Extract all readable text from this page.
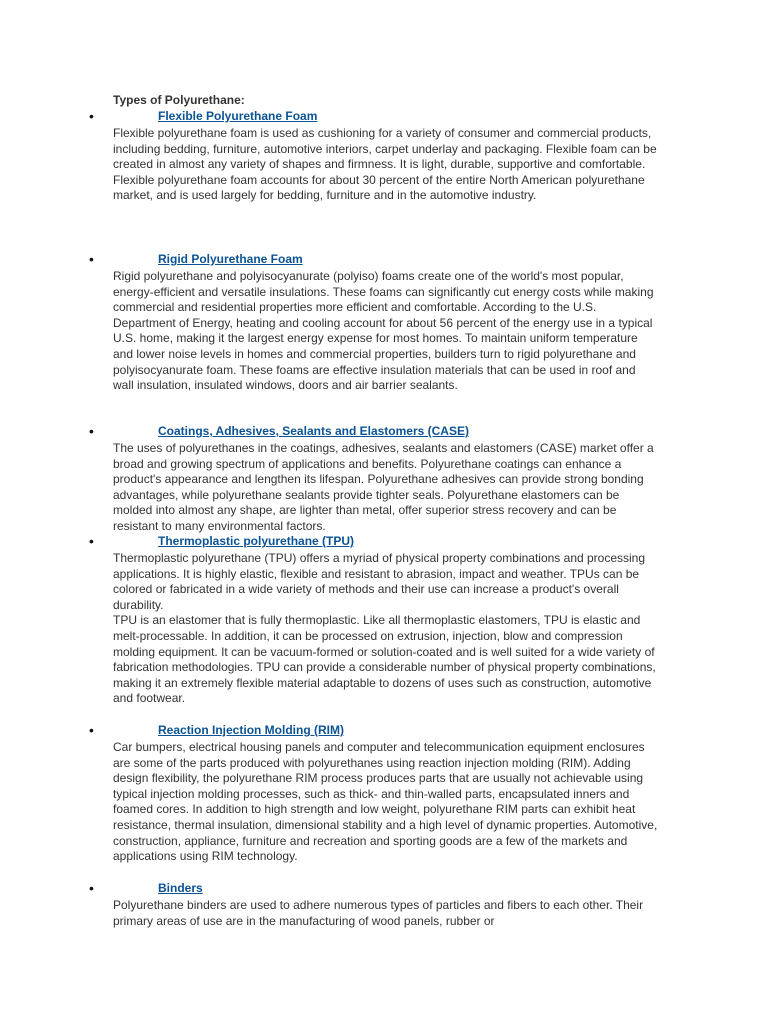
Types of Polyurethane:
•	Flexible Polyurethane Foam

Flexible polyurethane foam is used as cushioning for a variety of consumer and commercial products, including bedding, furniture, automotive interiors, carpet underlay and packaging. Flexible foam can be created in almost any variety of shapes and firmness. It is light, durable, supportive and comfortable.

Flexible polyurethane foam accounts for about 30 percent of the entire North American polyurethane market, and is used largely for bedding, furniture and in the automotive industry.

•	Rigid Polyurethane Foam

Rigid polyurethane and polyisocyanurate (polyiso) foams create one of the world's most popular, energy-efficient and versatile insulations. These foams can significantly cut energy costs while making commercial and residential properties more efficient and comfortable. According to the U.S. Department of Energy, heating and cooling account for about 56 percent of the energy use in a typical U.S. home, making it the largest energy expense for most homes. To maintain uniform temperature and lower noise levels in homes and commercial properties, builders turn to rigid polyurethane and polyisocyanurate foam. These foams are effective insulation materials that can be used in roof and wall insulation, insulated windows, doors and air barrier sealants.

•	Coatings, Adhesives, Sealants and Elastomers (CASE)

The uses of polyurethanes in the coatings, adhesives, sealants and elastomers (CASE) market offer a broad and growing spectrum of applications and benefits. Polyurethane coatings can enhance a product's appearance and lengthen its lifespan. Polyurethane adhesives can provide strong bonding advantages, while polyurethane sealants provide tighter seals. Polyurethane elastomers can be molded into almost any shape, are lighter than metal, offer superior stress recovery and can be resistant to many environmental factors.

•	Thermoplastic polyurethane (TPU)

Thermoplastic polyurethane (TPU) offers a myriad of physical property combinations and processing applications. It is highly elastic, flexible and resistant to abrasion, impact and weather. TPUs can be colored or fabricated in a wide variety of methods and their use can increase a product's overall durability.

TPU is an elastomer that is fully thermoplastic. Like all thermoplastic elastomers, TPU is elastic and melt-processable. In addition, it can be processed on extrusion, injection, blow and compression molding equipment. It can be vacuum-formed or solution-coated and is well suited for a wide variety of fabrication methodologies. TPU can provide a considerable number of physical property combinations, making it an extremely flexible material adaptable to dozens of uses such as construction, automotive and footwear.

•	Reaction Injection Molding (RIM)

Car bumpers, electrical housing panels and computer and telecommunication equipment enclosures are some of the parts produced with polyurethanes using reaction injection molding (RIM). Adding design flexibility, the polyurethane RIM process produces parts that are usually not achievable using typical injection molding processes, such as thick- and thin-walled parts, encapsulated inners and foamed cores. In addition to high strength and low weight, polyurethane RIM parts can exhibit heat resistance, thermal insulation, dimensional stability and a high level of dynamic properties. Automotive, construction, appliance, furniture and recreation and sporting goods are a few of the markets and applications using RIM technology.

•	Binders

Polyurethane binders are used to adhere numerous types of particles and fibers to each other. Their primary areas of use are in the manufacturing of wood panels, rubber or
